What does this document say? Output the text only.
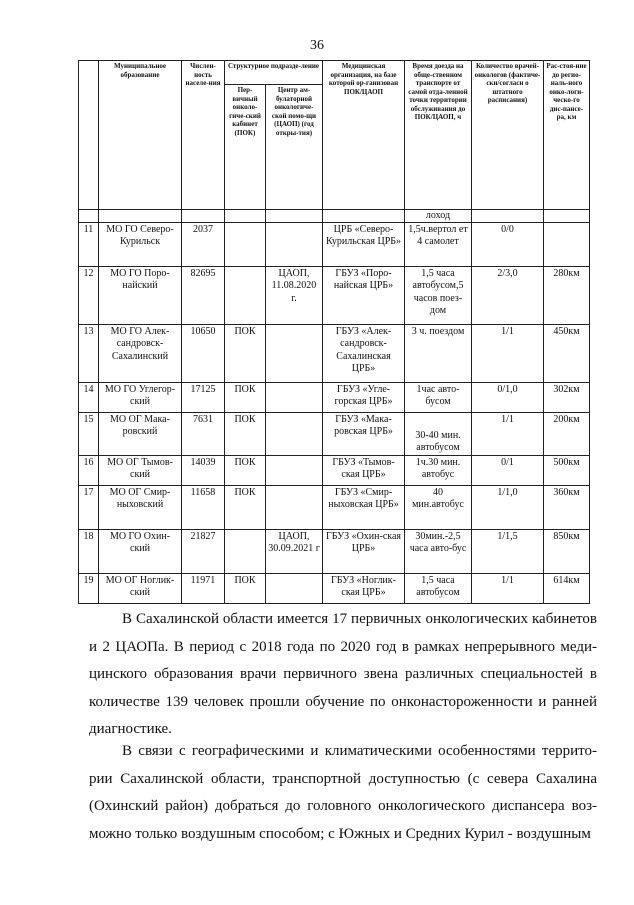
36
	Муниципальное образование	Числен-ность населе-ния	Структурное подразде-ление		Медицинская организация, на базе которой ор-ганизован ПОК/ЦАОП	Время доезда на обще-ственном транспорте от самой отда-ленной точки территории обслуживания до ПОК/ЦАОП, ч	Количество врачей-онкологов (фактиче-ски/согласн о штатного расписания)	Рас-стоя-ние до регио-наль-ного онко-логи-ческо-го дис-пансе-ра, км
			Пер-вичный онколо-гиче-ский кабинет (ПОК)	Центр ам-булаторной онкологиче-ской помо-щи (ЦАОП) (год откры-тия)				
						лоход		
11	МО ГО Северо-Курильск	2037			ЦРБ «Северо-Курильская ЦРБ»	1,5ч.вертол ет 4 самолет	0/0	
12	МО ГО Поро-найский	82695		ЦАОП, 11.08.2020 г.	ГБУЗ «Поро-найская ЦРБ»	1,5 часа автобусом,5 часов поез-дом	2/3,0	280км
13	МО ГО Алек-сандровск-Сахалинский	10650	ПОК		ГБУЗ «Алек-сандровск-Сахалинская ЦРБ»	3 ч. поездом	1/1	450км
14	МО ГО Углегор-ский	17125	ПОК		ГБУЗ «Угле-горская ЦРБ»	1час авто-бусом	0/1,0	302км
15	МО ОГ Мака-ровский	7631	ПОК		ГБУЗ «Мака-ровская ЦРБ»	30-40 мин. автобусом	1/1	200км
16	МО ОГ Тымов-ский	14039	ПОК		ГБУЗ «Тымов-ская ЦРБ»	1ч.30 мин. автобус	0/1	500км
17	МО ОГ Смир-ныховский	11658	ПОК		ГБУЗ «Смир-ныховская ЦРБ»	40 мин.автобус	1/1,0	360км
18	МО ГО Охин-ский	21827		ЦАОП, 30.09.2021 г	ГБУЗ «Охин-ская ЦРБ»	30мин.-2,5 часа авто-бус	1/1,5	850км
19	МО ОГ Ноглик-ский	11971	ПОК		ГБУЗ «Ноглик-ская ЦРБ»	1,5 часа автобусом	1/1	614км

В Сахалинской области имеется 17 первичных онкологических кабинетов и 2 ЦАОПа. В период с 2018 года по 2020 год в рамках непрерывного меди-цинского образования врачи первичного звена различных специальностей в количестве 139 человек прошли обучение по онконастороженности и ранней диагностике.

В связи с географическими и климатическими особенностями террито-рии Сахалинской области, транспортной доступностью (с севера Сахалина (Охинский район) добраться до головного онкологического диспансера воз-можно только воздушным способом; с Южных и Средних Курил - воздушным
